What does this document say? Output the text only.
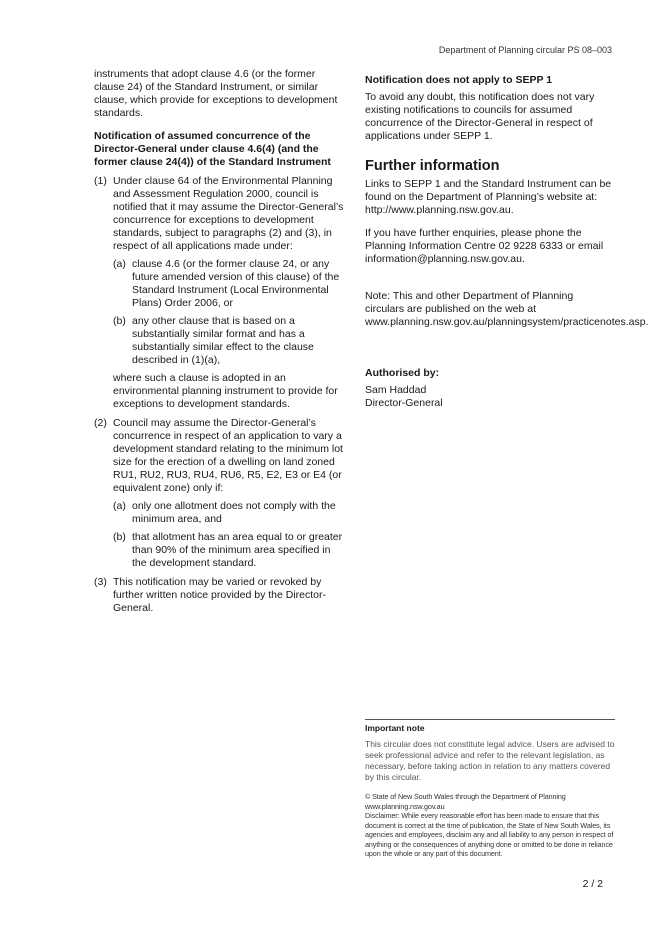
Department of Planning circular PS 08–003

instruments that adopt clause 4.6 (or the former clause 24) of the Standard Instrument, or similar clause, which provide for exceptions to development standards.

Notification of assumed concurrence of the Director-General under clause 4.6(4) (and the former clause 24(4)) of the Standard Instrument

(1) Under clause 64 of the Environmental Planning and Assessment Regulation 2000, council is notified that it may assume the Director-General’s concurrence for exceptions to development standards, subject to paragraphs (2) and (3), in respect of all applications made under:
(a) clause 4.6 (or the former clause 24, or any future amended version of this clause) of the Standard Instrument (Local Environmental Plans) Order 2006, or
(b) any other clause that is based on a substantially similar format and has a substantially similar effect to the clause described in (1)(a),
where such a clause is adopted in an environmental planning instrument to provide for exceptions to development standards.
(2) Council may assume the Director-General’s concurrence in respect of an application to vary a development standard relating to the minimum lot size for the erection of a dwelling on land zoned RU1, RU2, RU3, RU4, RU6, R5, E2, E3 or E4 (or equivalent zone) only if:
(a) only one allotment does not comply with the minimum area, and
(b) that allotment has an area equal to or greater than 90% of the minimum area specified in the development standard.
(3) This notification may be varied or revoked by further written notice provided by the Director-General.

Notification does not apply to SEPP 1

To avoid any doubt, this notification does not vary existing notifications to councils for assumed concurrence of the Director-General in respect of applications under SEPP 1.

Further information

Links to SEPP 1 and the Standard Instrument can be found on the Department of Planning’s website at: http://www.planning.nsw.gov.au.

If you have further enquiries, please phone the Planning Information Centre 02 9228 6333 or email information@planning.nsw.gov.au.

Note: This and other Department of Planning circulars are published on the web at www.planning.nsw.gov.au/planningsystem/practicenotes.asp.

Authorised by:

Sam Haddad

Director-General

Important note
This circular does not constitute legal advice. Users are advised to seek professional advice and refer to the relevant legislation, as necessary, before taking action in relation to any matters covered by this circular.
© State of New South Wales through the Department of Planning
www.planning.nsw.gov.au
Disclaimer: While every reasonable effort has been made to ensure that this document is correct at the time of publication, the State of New South Wales, its agencies and employees, disclaim any and all liability to any person in respect of anything or the consequences of anything done or omitted to be done in reliance upon the whole or any part of this document.
2 / 2
